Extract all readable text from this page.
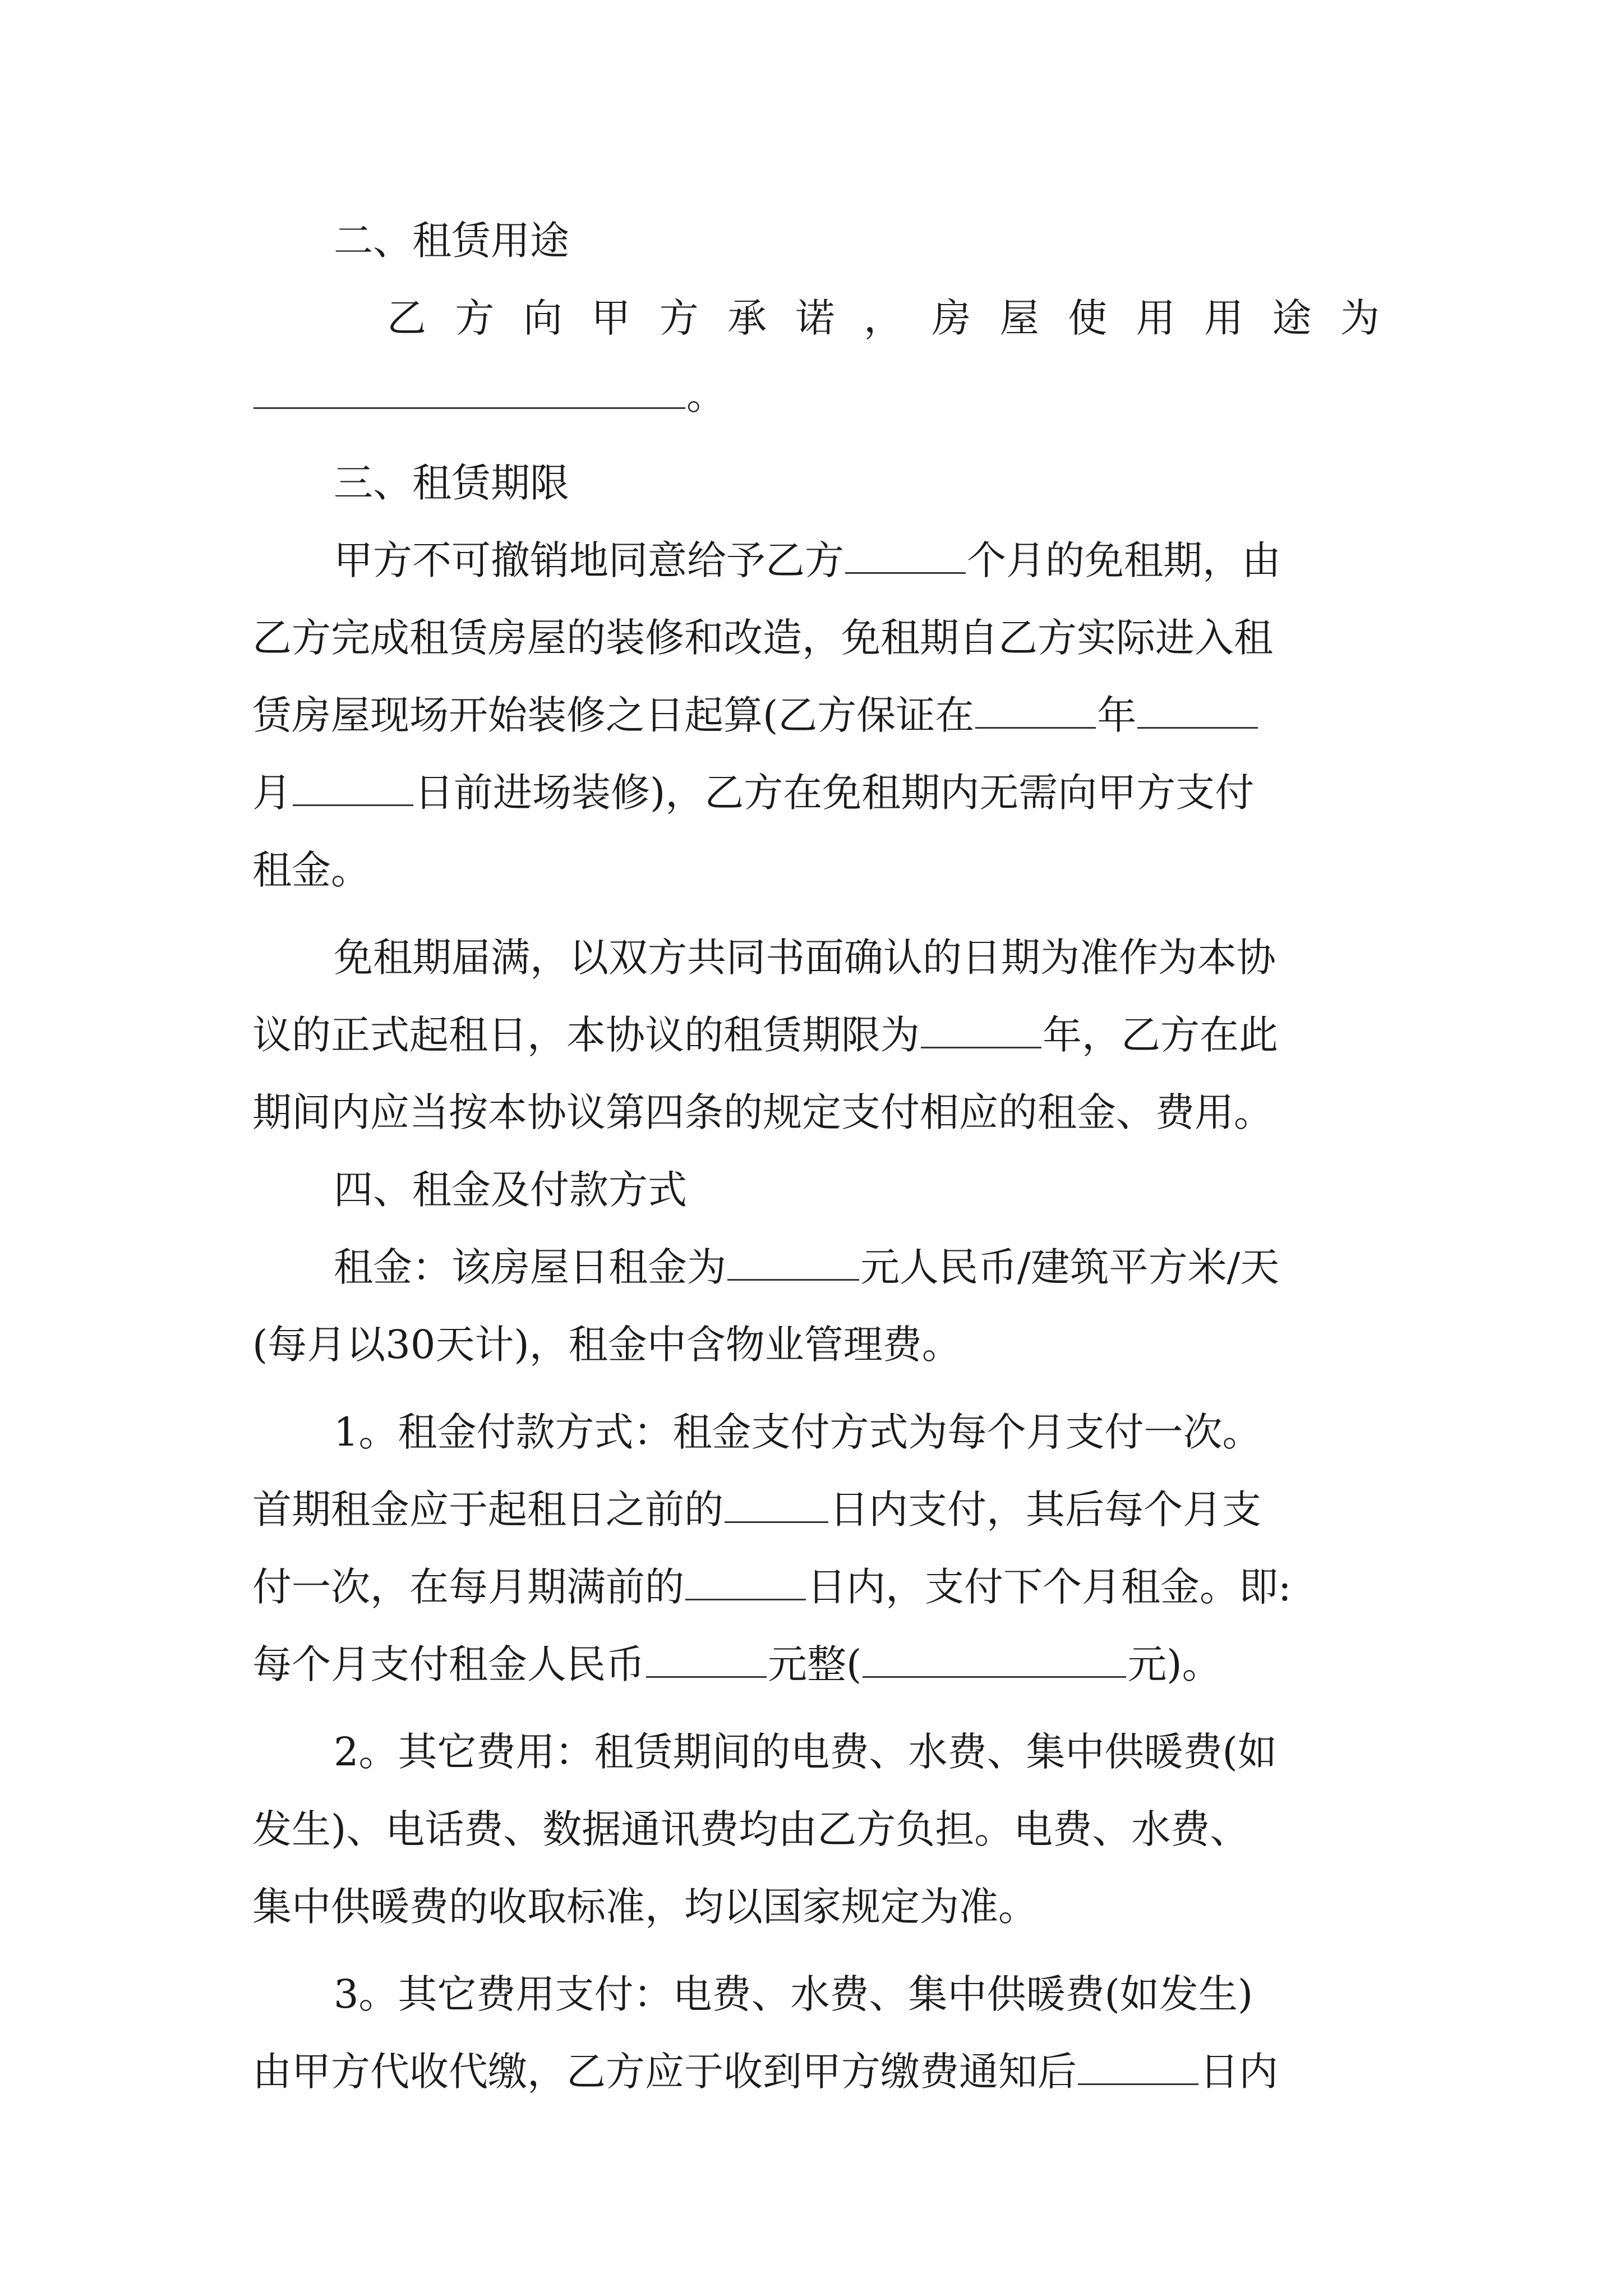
二、租赁用途
乙 方 向 甲 方 承 诺 ， 房 屋 使 用 用 途 为
。
三、租赁期限
甲方不可撤销地同意给予乙方	个月的免租期，由
乙方完成租赁房屋的装修和改造，免租期自乙方实际进入租
赁房屋现场开始装修之日起算(乙方保证在	年
月	日前进场装修)，乙方在免租期内无需向甲方支付
租金。
免租期届满，以双方共同书面确认的日期为准作为本协
议的正式起租日，本协议的租赁期限为	年，乙方在此
期间内应当按本协议第四条的规定支付相应的租金、费用。
四、租金及付款方式
租金：该房屋日租金为	元人民币/建筑平方米/天
(每月以30天计)，租金中含物业管理费。
1。租金付款方式：租金支付方式为每个月支付一次。
首期租金应于起租日之前的	日内支付，其后每个月支
付一次，在每月期满前的	日内，支付下个月租金。即:
每个月支付租金人民币	元整(	元)。
2。其它费用：租赁期间的电费、水费、集中供暖费(如
发生)、电话费、数据通讯费均由乙方负担。电费、水费、
集中供暖费的收取标准，均以国家规定为准。
3。其它费用支付：电费、水费、集中供暖费(如发生)
由甲方代收代缴，乙方应于收到甲方缴费通知后	日内
